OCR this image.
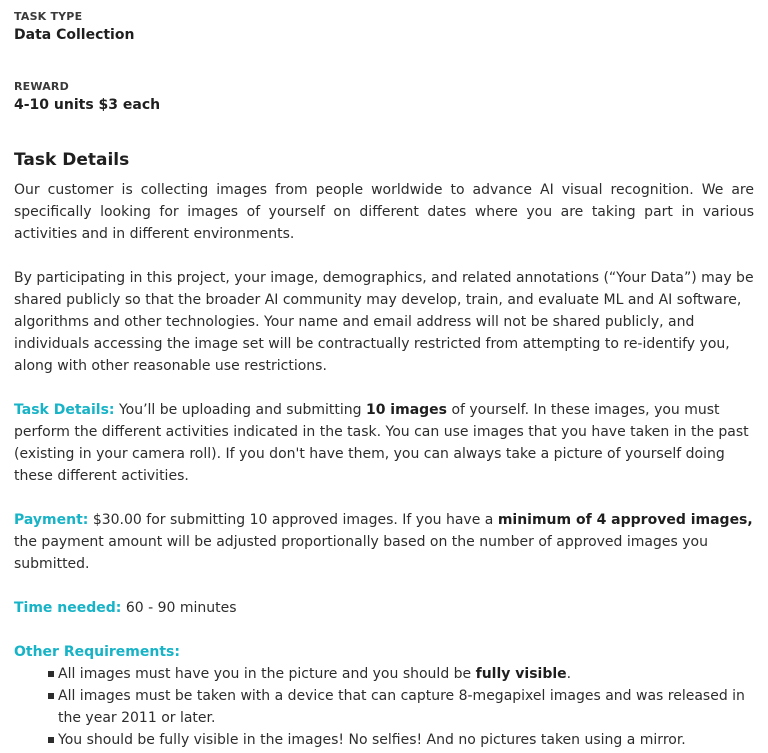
TASK TYPE
Data Collection
REWARD
4-10 units $3 each
Task Details

Our customer is collecting images from people worldwide to advance AI visual recognition. We are specifically looking for images of yourself on different dates where you are taking part in various activities and in different environments.

By participating in this project, your image, demographics, and related annotations (“Your Data”) may be shared publicly so that the broader AI community may develop, train, and evaluate ML and AI software, algorithms and other technologies. Your name and email address will not be shared publicly, and individuals accessing the image set will be contractually restricted from attempting to re-identify you, along with other reasonable use restrictions.

Task Details: You’ll be uploading and submitting 10 images of yourself. In these images, you must perform the different activities indicated in the task. You can use images that you have taken in the past (existing in your camera roll). If you don't have them, you can always take a picture of yourself doing these different activities.

Payment: $30.00 for submitting 10 approved images. If you have a minimum of 4 approved images, the payment amount will be adjusted proportionally based on the number of approved images you submitted.

Time needed: 60 - 90 minutes

Other Requirements:

All images must have you in the picture and you should be fully visible.
All images must be taken with a device that can capture 8-megapixel images and was released in the year 2011 or later.
You should be fully visible in the images! No selfies! And no pictures taken using a mirror.
